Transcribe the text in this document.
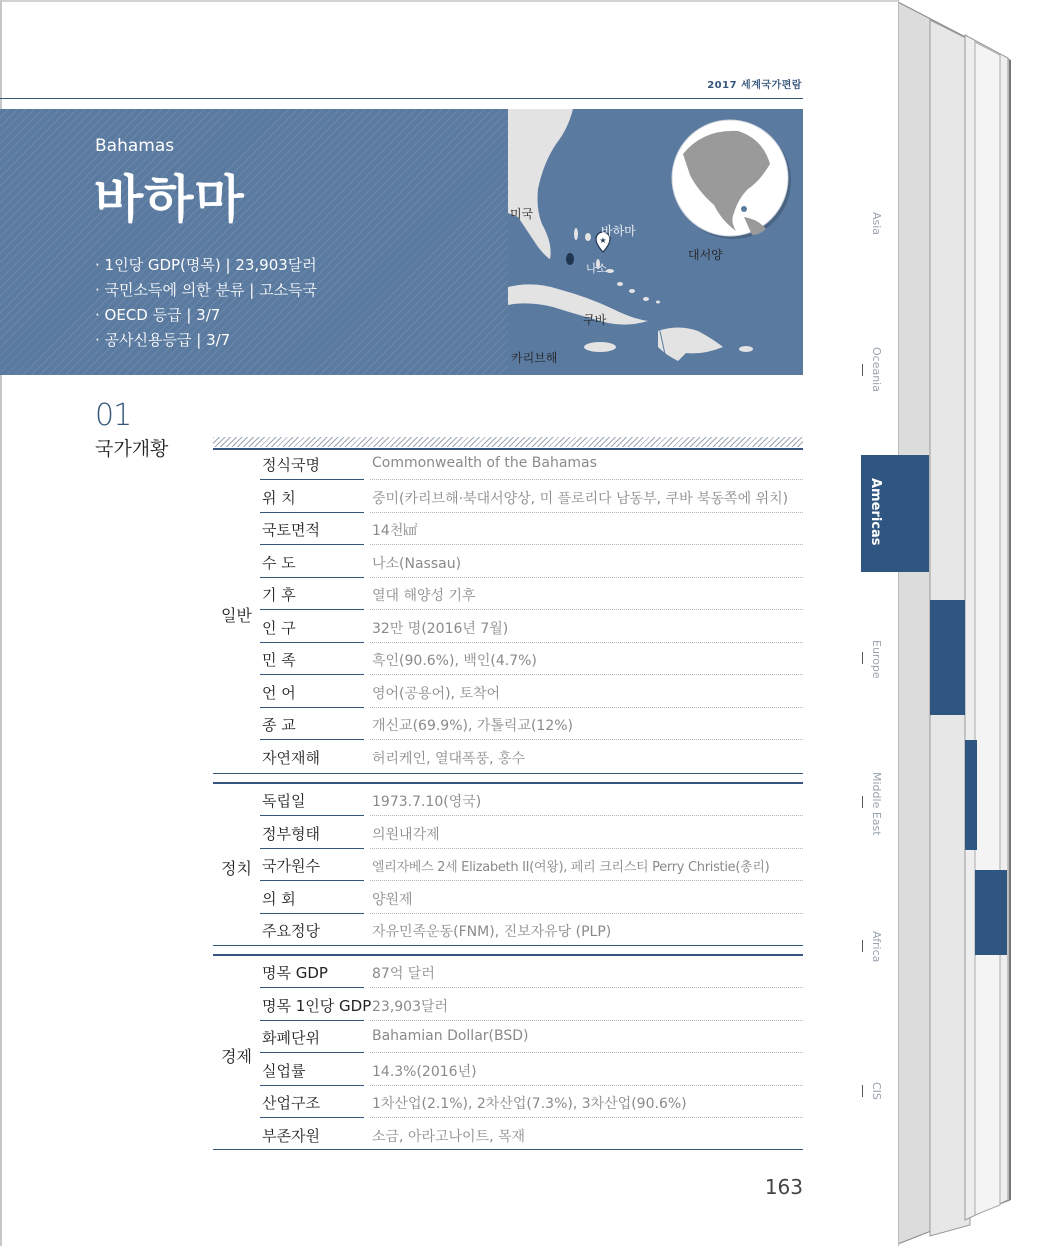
2017 세계국가편람
Bahamas
바하마
· 1인당 GDP(명목) | 23,903달러
· 국민소득에 의한 분류 | 고소득국
· OECD 등급 | 3/7
· 공사신용등급 | 3/7
★
미국
바하마
나소
대서양
쿠바
카리브해
01
국가개황
일반
정식국명	Commonwealth of the Bahamas
위 치	중미(카리브해·북대서양상, 미 플로리다 남동부, 쿠바 북동쪽에 위치)
국토면적	14천㎢
수 도	나소(Nassau)
기 후	열대 해양성 기후
인 구	32만 명(2016년 7월)
민 족	흑인(90.6%), 백인(4.7%)
언 어	영어(공용어), 토착어
종 교	개신교(69.9%), 가톨릭교(12%)
자연재해	허리케인, 열대폭풍, 홍수
정치
독립일	1973.7.10(영국)
정부형태	의원내각제
국가원수	엘리자베스 2세 Elizabeth II(여왕), 페리 크리스티 Perry Christie(총리)
의 회	양원제
주요정당	자유민족운동(FNM), 진보자유당 (PLP)
경제
명목 GDP	87억 달러
명목 1인당 GDP 23,903달러
화폐단위	Bahamian Dollar(BSD)
실업률	14.3%(2016년)
산업구조	1차산업(2.1%), 2차산업(7.3%), 3차산업(90.6%)
부존자원	소금, 아라고나이트, 목재
163
Asia
Oceania
Americas
Europe
Middle East
Africa
CIS
